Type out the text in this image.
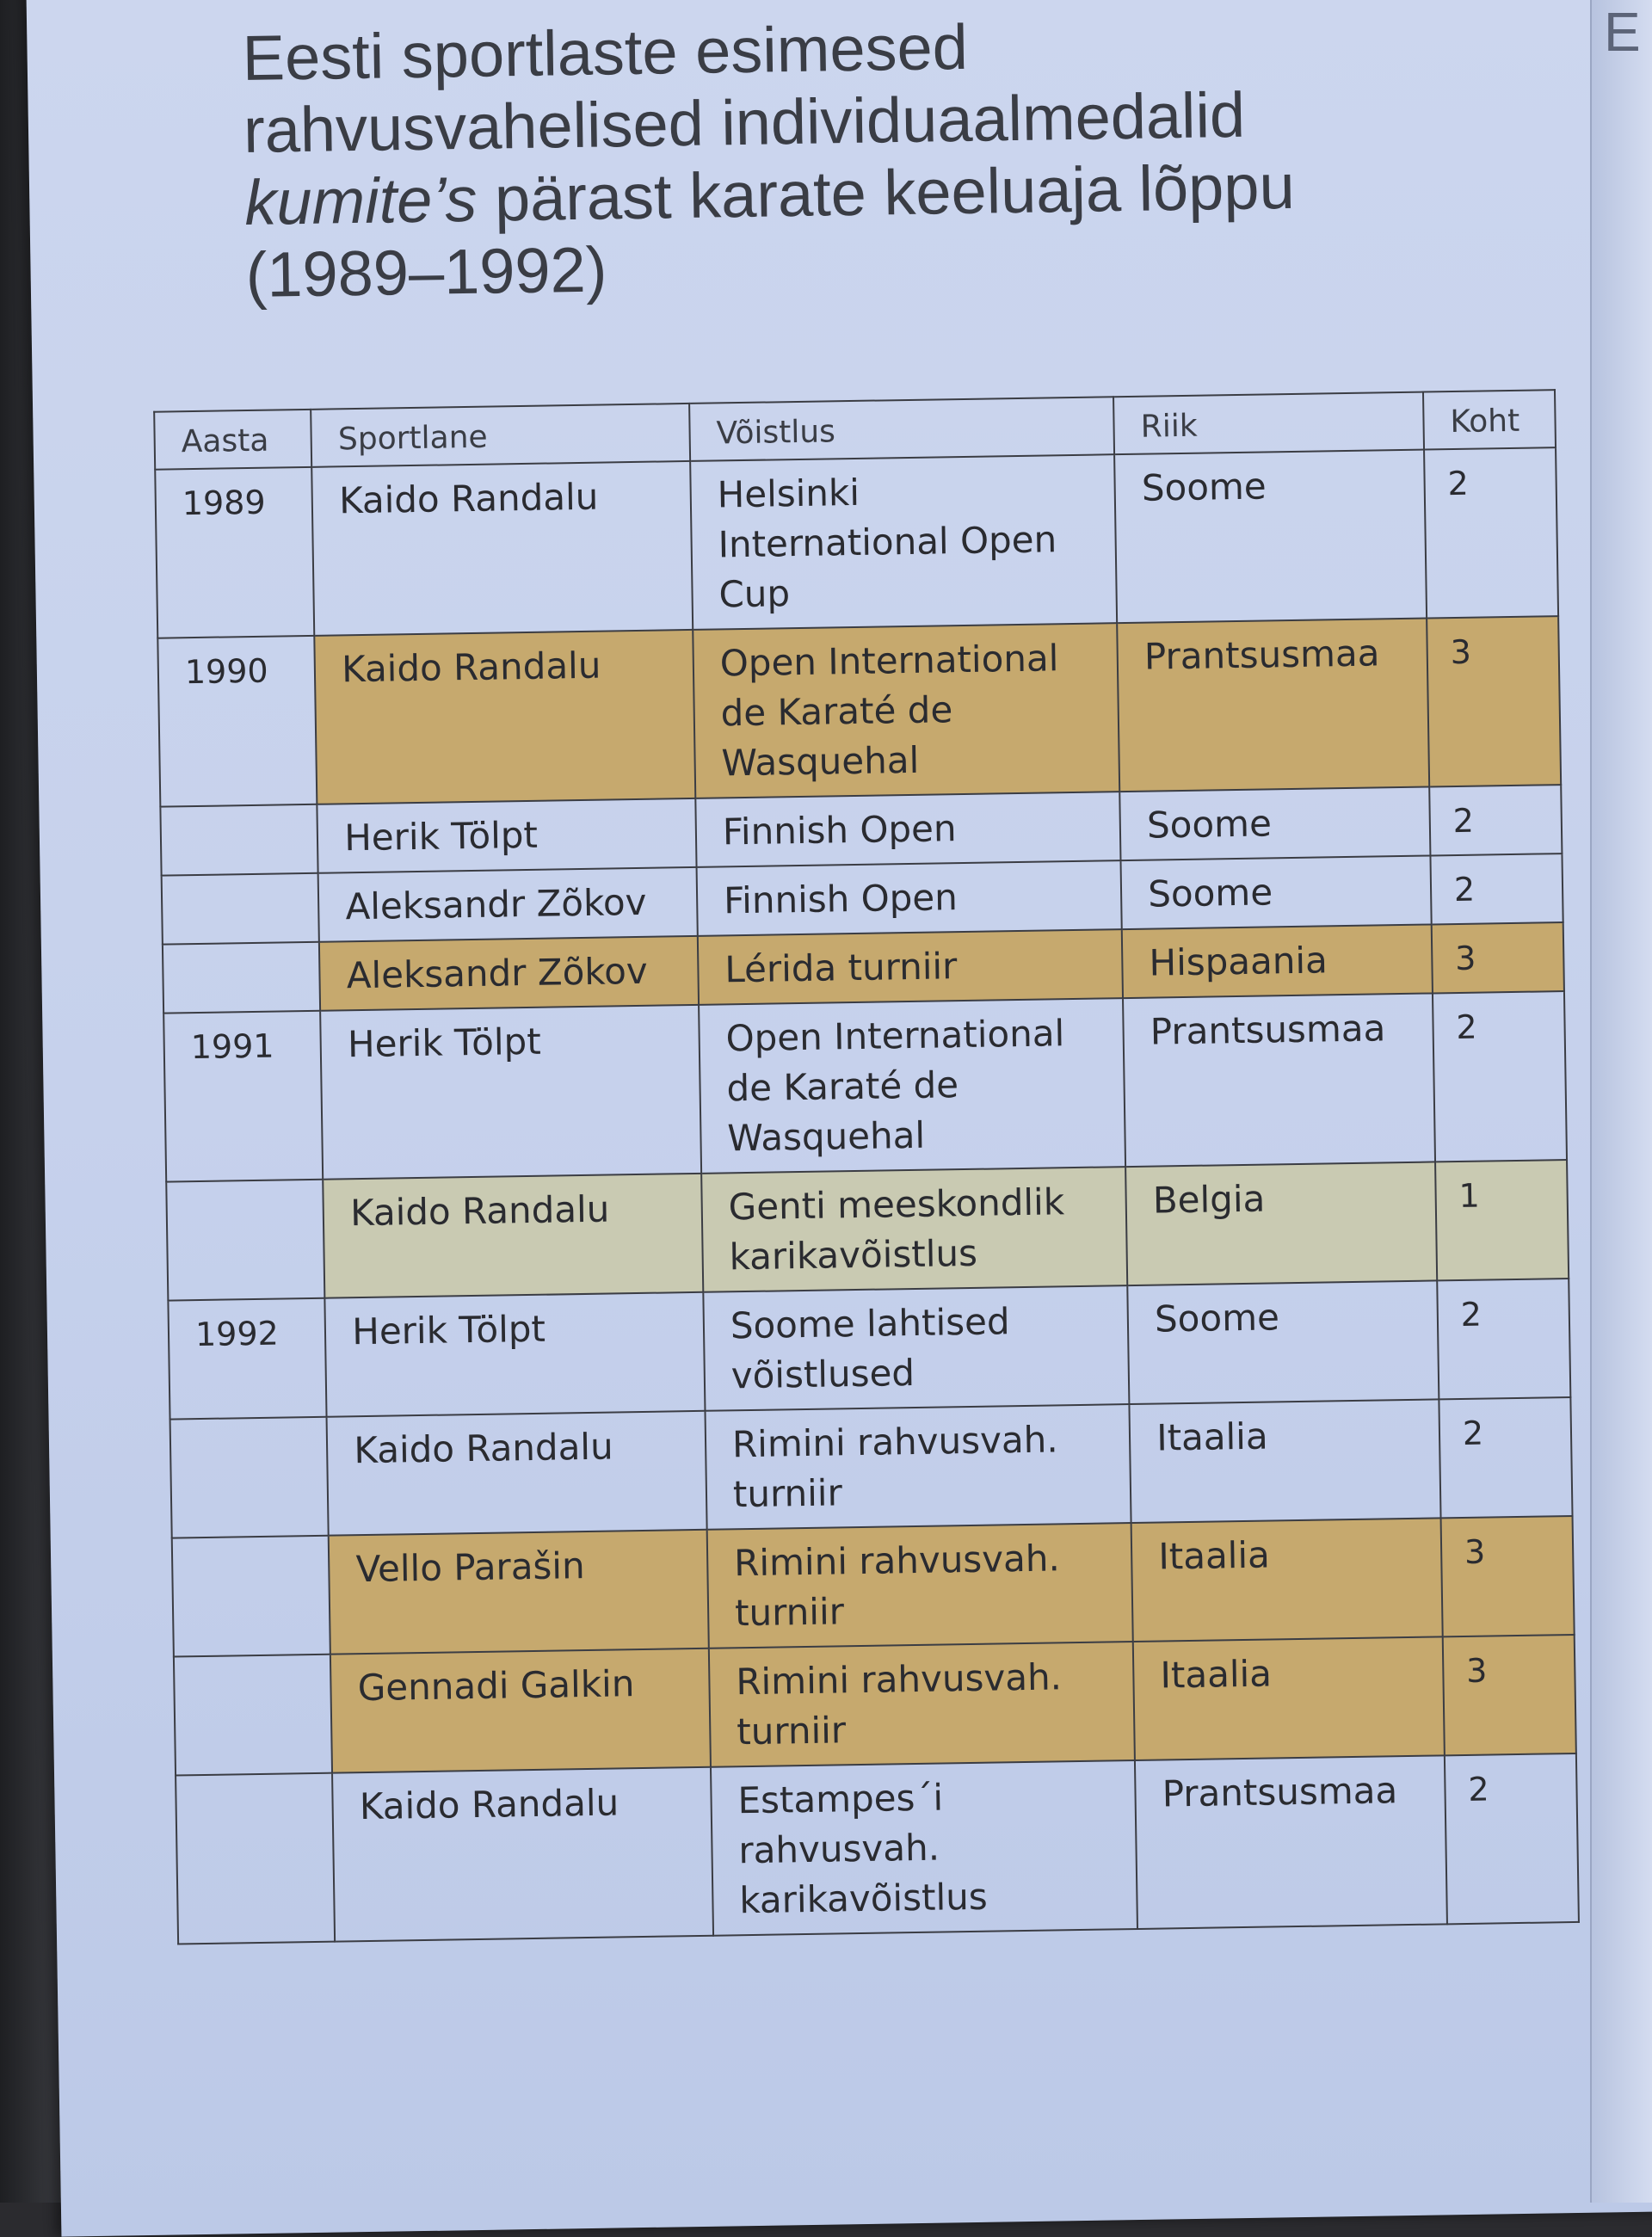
Eesti sportlaste esimesed
rahvusvahelised individuaalmedalid
kumite’s pärast karate keeluaja lõppu
(1989–1992)
Aasta	Sportlane	Võistlus	Riik	Koht
1989	Kaido Randalu	Helsinki International Open Cup	Soome	2
1990	Kaido Randalu	Open International de Karaté de Wasquehal	Prantsusmaa	3
	Herik Tölpt	Finnish Open	Soome	2
	Aleksandr Zõkov	Finnish Open	Soome	2
	Aleksandr Zõkov	Lérida turniir	Hispaania	3
1991	Herik Tölpt	Open International de Karaté de Wasquehal	Prantsusmaa	2
	Kaido Randalu	Genti meeskondlik karikavõistlus	Belgia	1
1992	Herik Tölpt	Soome lahtised võistlused	Soome	2
	Kaido Randalu	Rimini rahvusvah. turniir	Itaalia	2
	Vello Parašin	Rimini rahvusvah. turniir	Itaalia	3
	Gennadi Galkin	Rimini rahvusvah. turniir	Itaalia	3
	Kaido Randalu	Estampes´i rahvusvah. karikavõistlus	Prantsusmaa	2
E
